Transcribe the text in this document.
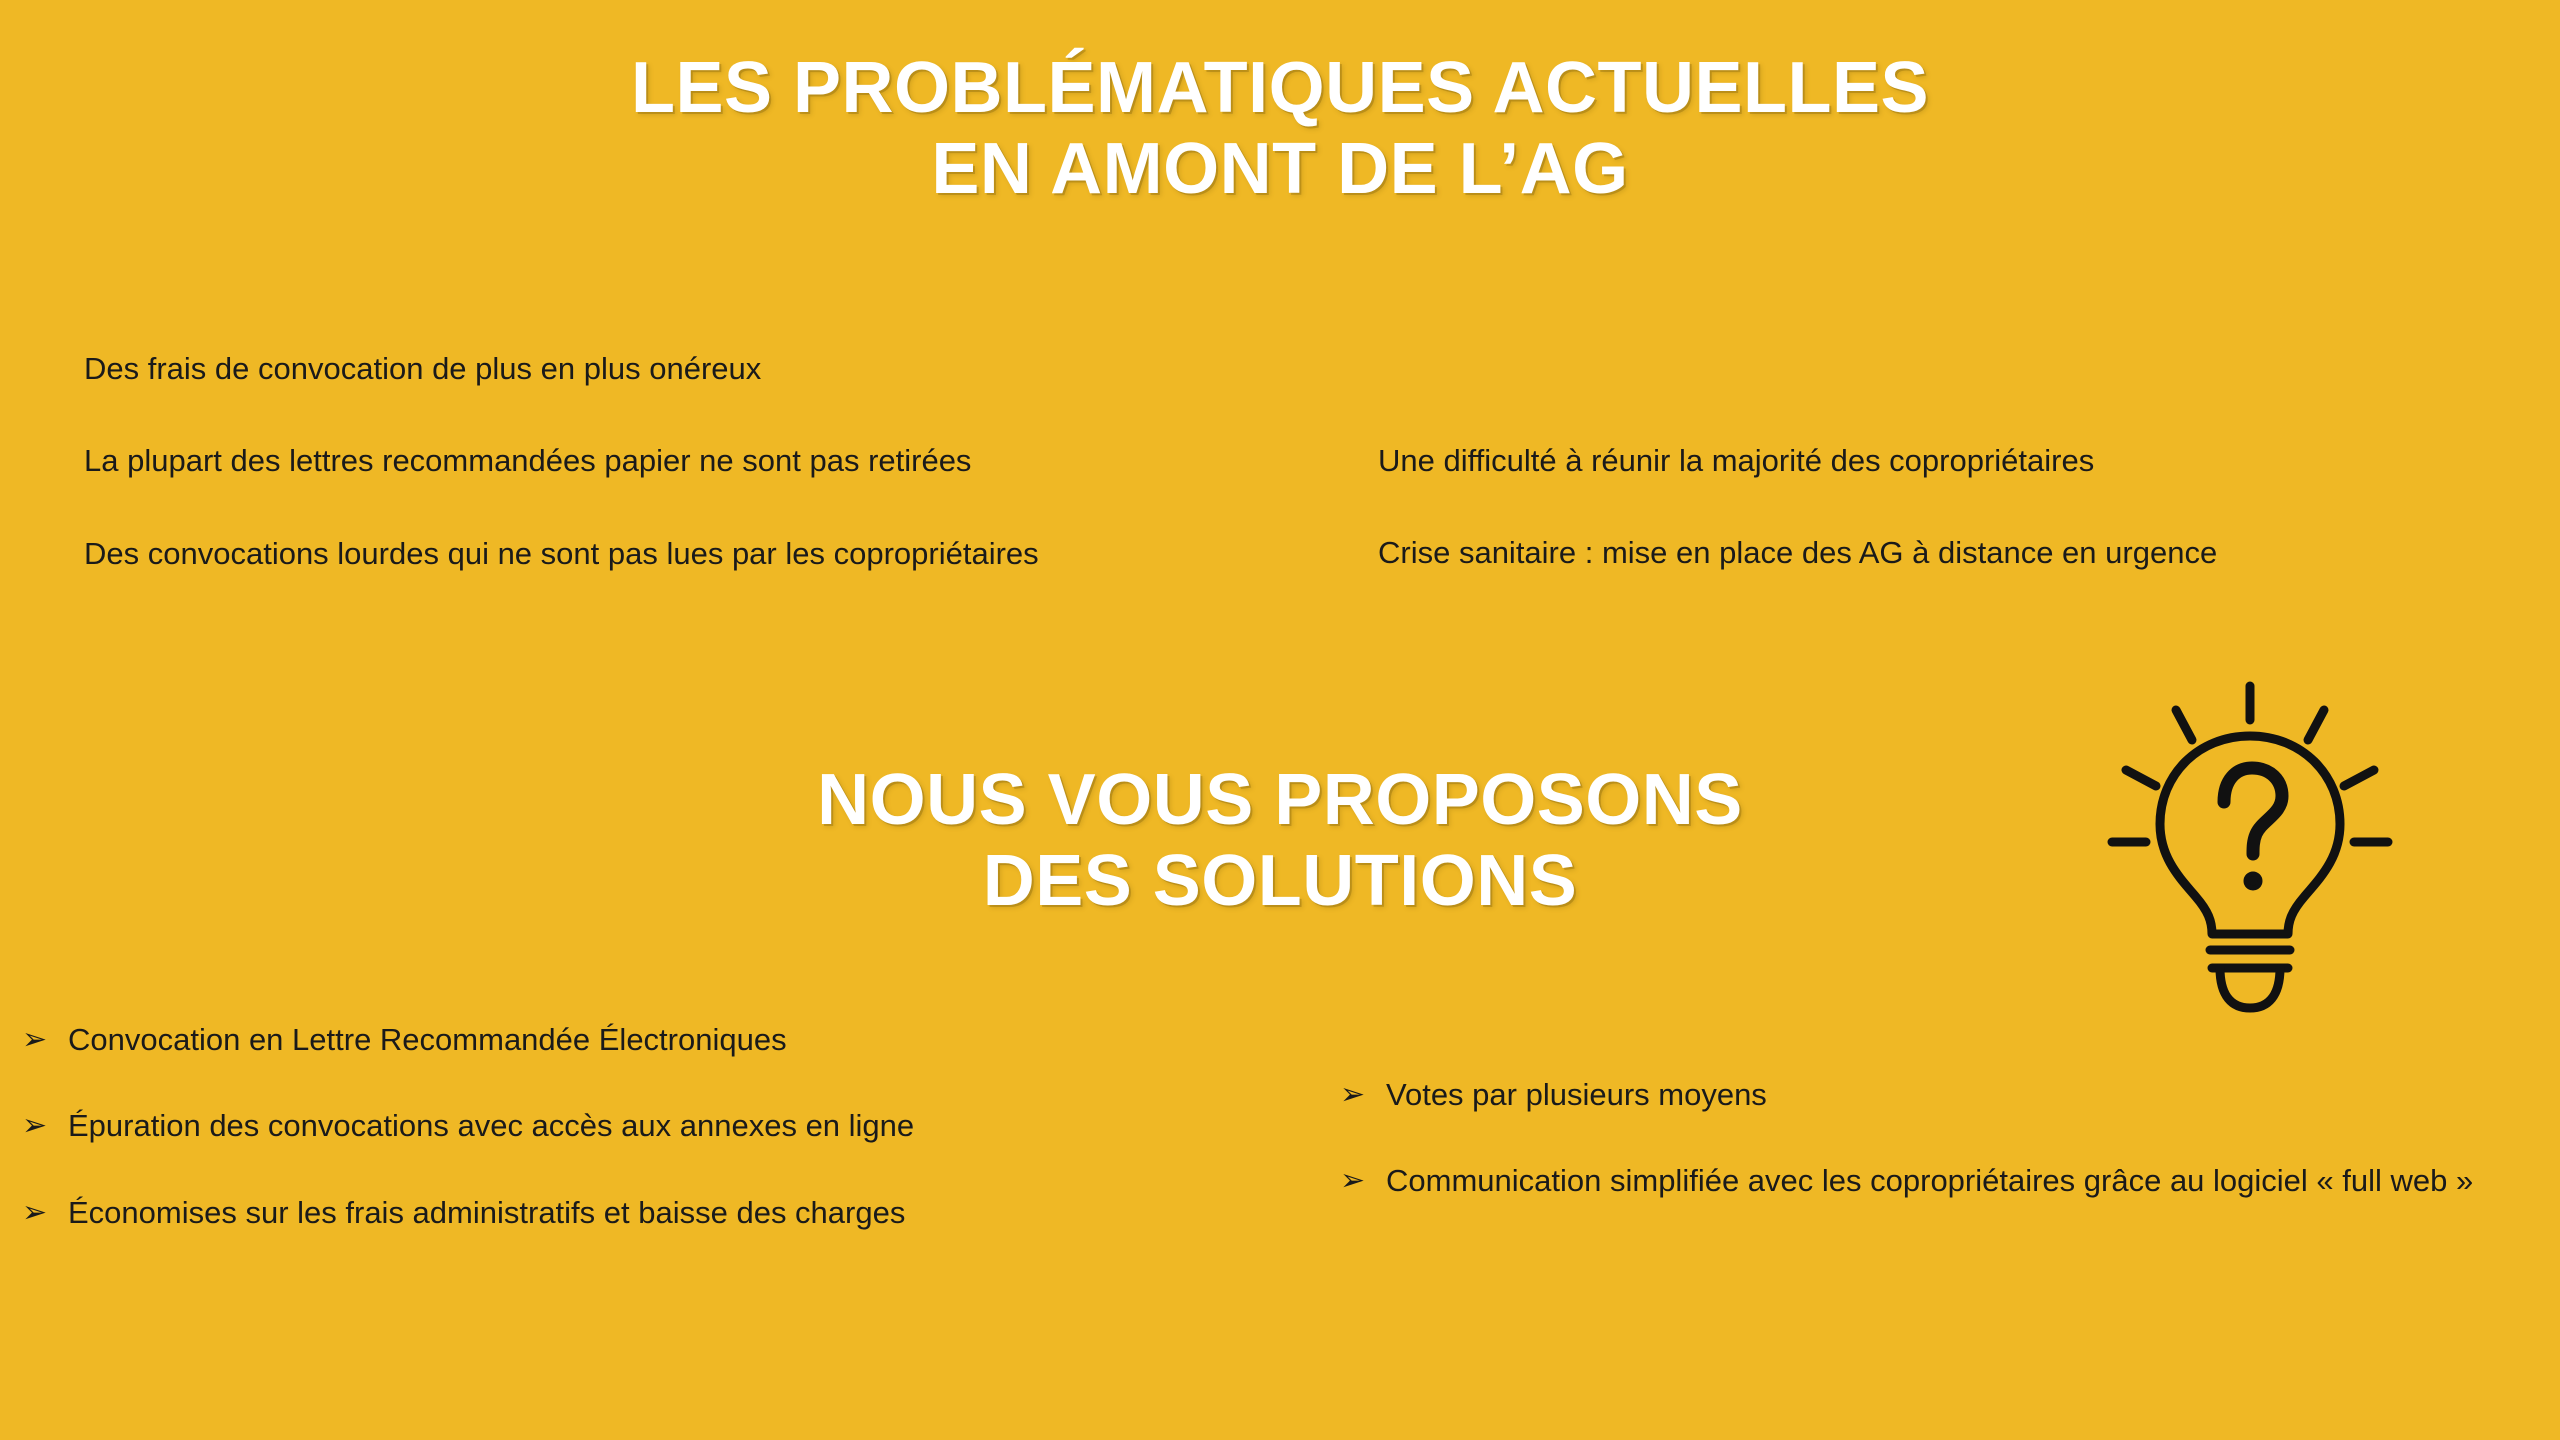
LES PROBLÉMATIQUES ACTUELLES
EN AMONT DE L’AG

Des frais de convocation de plus en plus onéreux

La plupart des lettres recommandées papier ne sont pas retirées

Des convocations lourdes qui ne sont pas lues par les copropriétaires

Une difficulté à réunir la majorité des copropriétaires

Crise sanitaire : mise en place des AG à distance en urgence

NOUS VOUS PROPOSONS
DES SOLUTIONS
➢ Convocation en Lettre Recommandée Électroniques
➢ Épuration des convocations avec accès aux annexes en ligne
➢ Économises sur les frais administratifs et baisse des charges
➢ Votes par plusieurs moyens
➢ Communication simplifiée avec les copropriétaires grâce au logiciel « full web »
